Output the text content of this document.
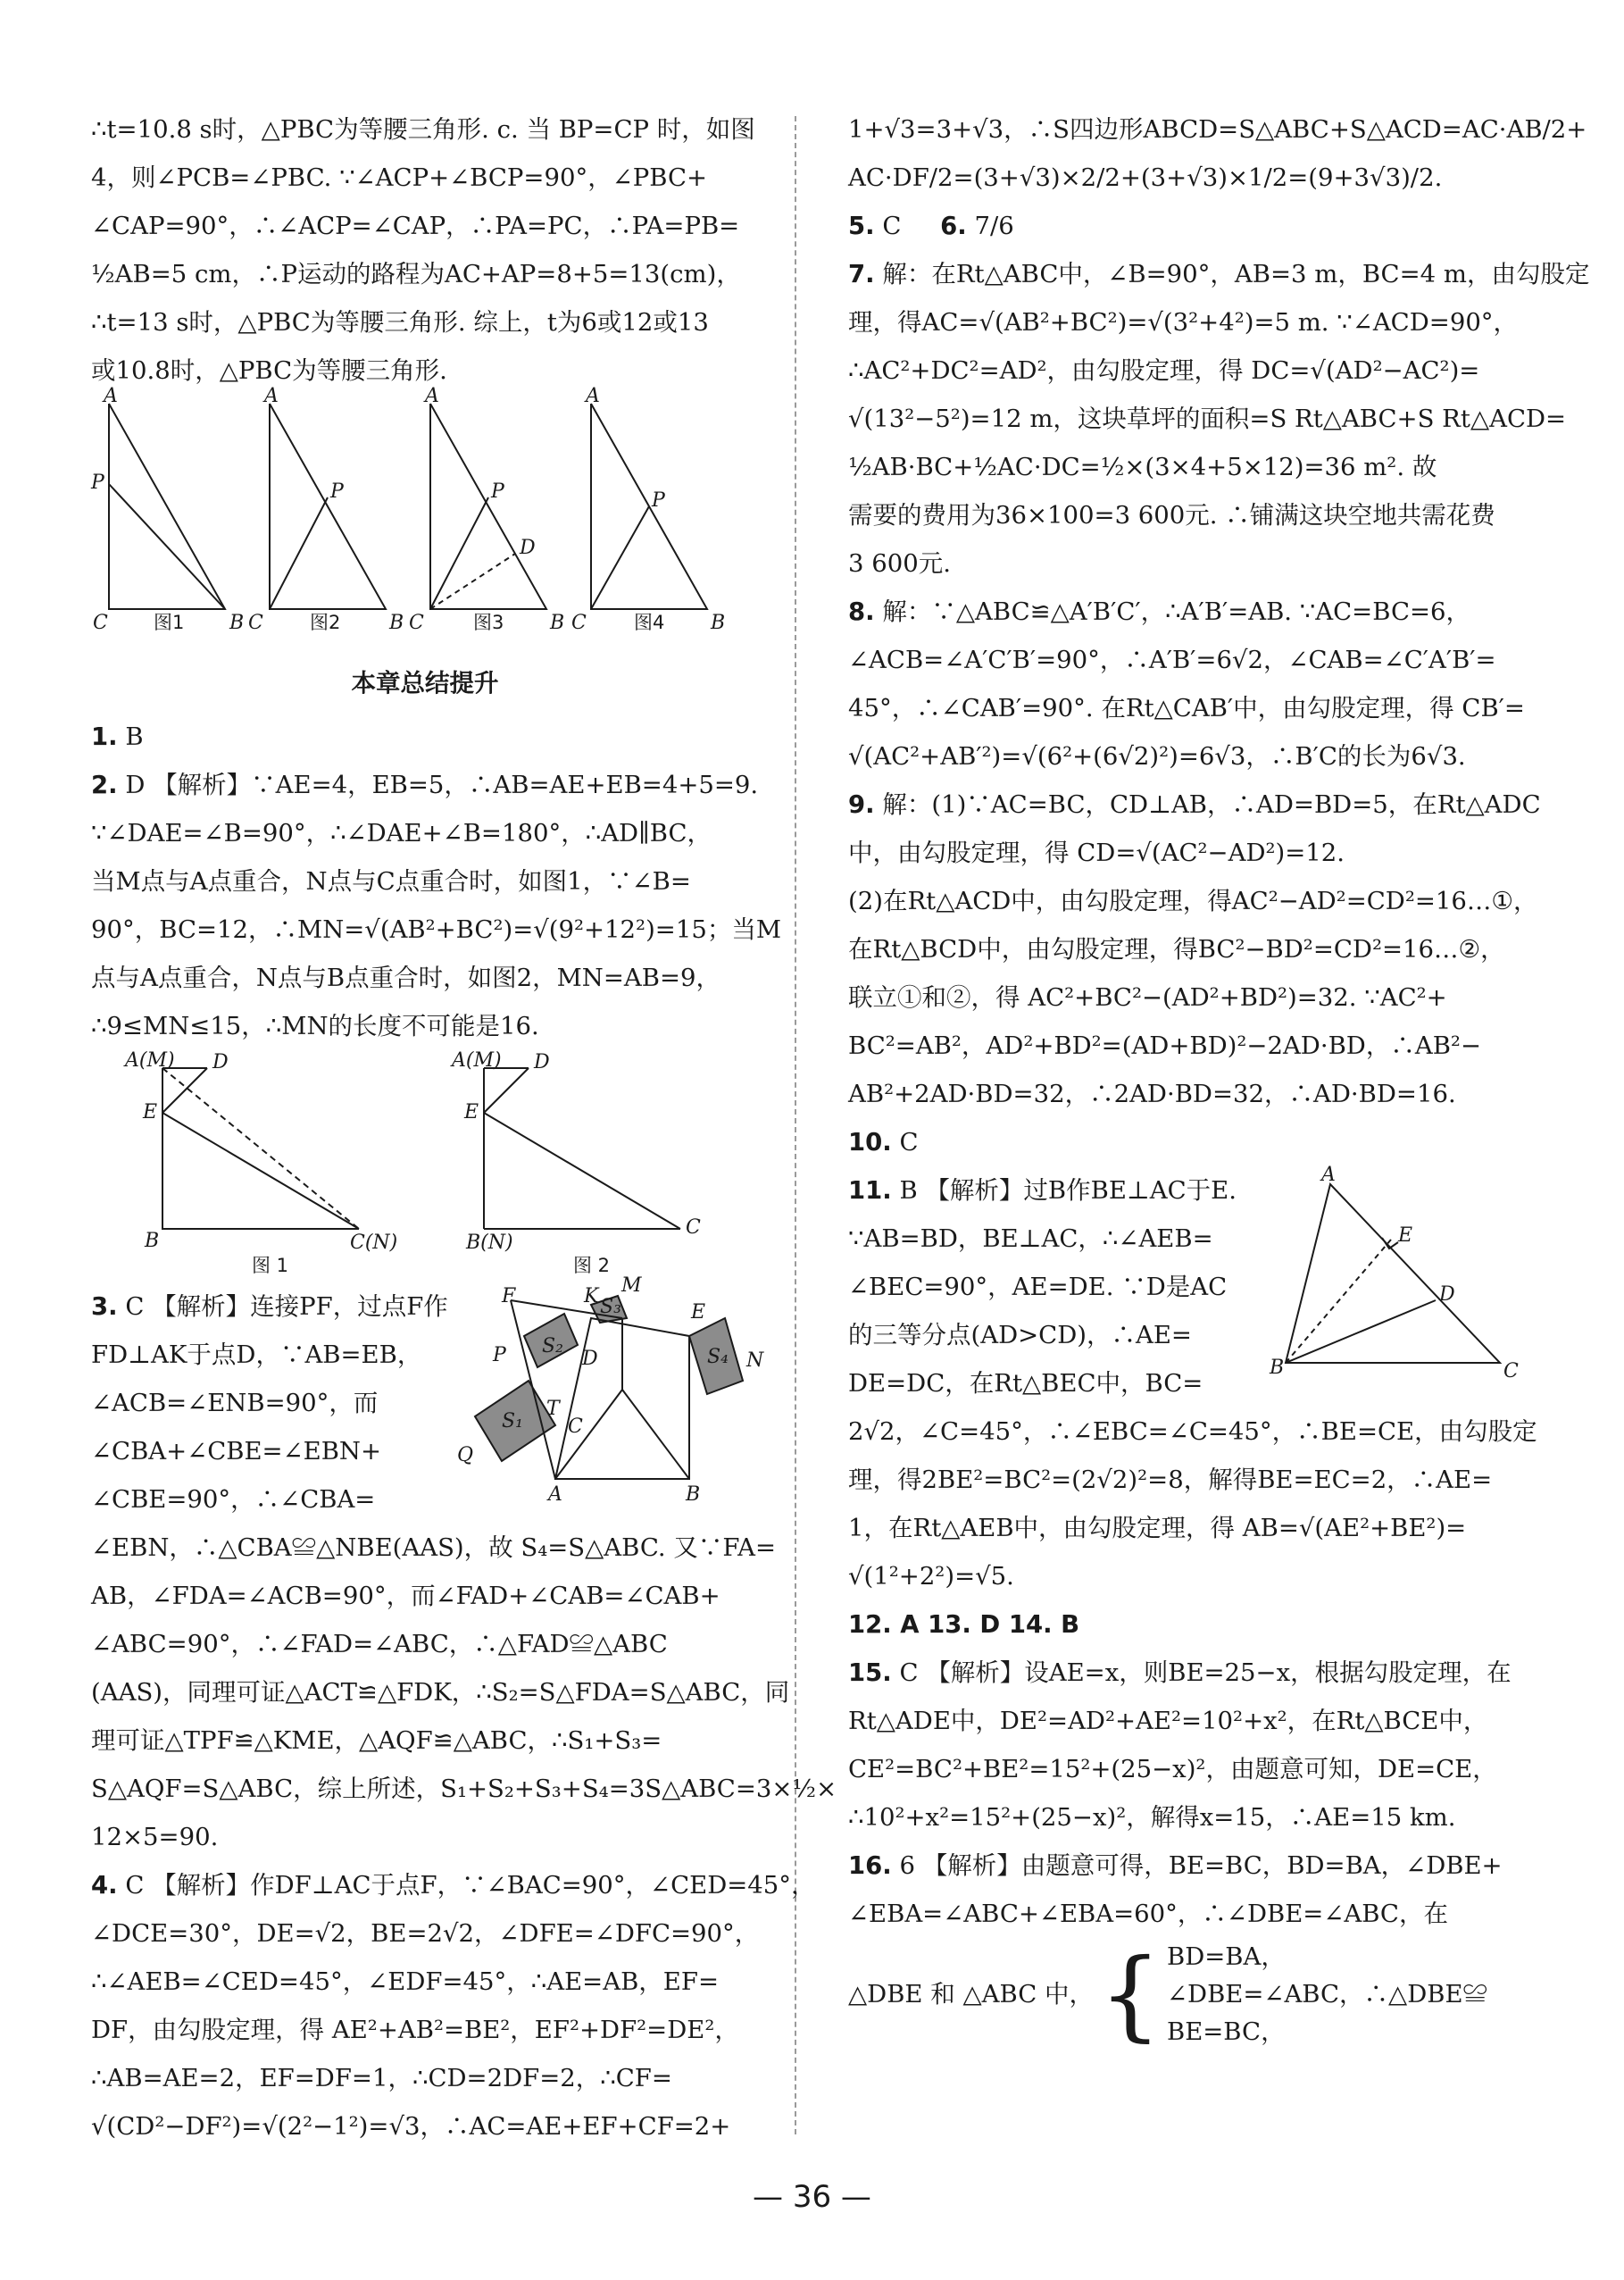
∴t=10.8 s时，△PBC为等腰三角形. c. 当 BP=CP 时，如图
4，则∠PCB=∠PBC. ∵∠ACP+∠BCP=90°，∠PBC+
∠CAP=90°，∴∠ACP=∠CAP，∴PA=PC，∴PA=PB=
½AB=5 cm，∴P运动的路程为AC+AP=8+5=13(cm)，
∴t=13 s时，△PBC为等腰三角形. 综上，t为6或12或13
或10.8时，△PBC为等腰三角形.
A
P
C	B
A
P
C	B
A
P
D
C	B
A
P
C	B
图1	图2	图3	图4
本章总结提升
1. B
2. D 【解析】∵AE=4，EB=5，∴AB=AE+EB=4+5=9.
∵∠DAE=∠B=90°，∴∠DAE+∠B=180°，∴AD∥BC，
当M点与A点重合，N点与C点重合时，如图1，∵∠B=
90°，BC=12，∴MN=√(AB²+BC²)=√(9²+12²)=15；当M
点与A点重合，N点与B点重合时，如图2，MN=AB=9，
∴9≤MN≤15，∴MN的长度不可能是16.
A(M) D
E
B	C(N)
A(M) D
E
B(N)
C
图 1	图 2
3. C 【解析】连接PF，过点F作
FD⊥AK于点D，∵AB=EB，
∠ACB=∠ENB=90°，而
∠CBA+∠CBE=∠EBN+
∠CBE=90°，∴∠CBA=
M
F	K S₃	E
P S₂
D	S₄ N
T
S₁ C
Q
A	B
∠EBN，∴△CBA≌△NBE(AAS)，故 S₄=S△ABC. 又∵FA=
AB，∠FDA=∠ACB=90°，而∠FAD+∠CAB=∠CAB+
∠ABC=90°，∴∠FAD=∠ABC，∴△FAD≌△ABC
(AAS)，同理可证△ACT≌△FDK，∴S₂=S△FDA=S△ABC，同
理可证△TPF≌△KME，△AQF≌△ABC，∴S₁+S₃=
S△AQF=S△ABC，综上所述，S₁+S₂+S₃+S₄=3S△ABC=3×½×
12×5=90.
4. C 【解析】作DF⊥AC于点F，∵∠BAC=90°，∠CED=45°，
∠DCE=30°，DE=√2，BE=2√2，∠DFE=∠DFC=90°，
∴∠AEB=∠CED=45°，∠EDF=45°，∴AE=AB，EF=
DF，由勾股定理，得 AE²+AB²=BE²，EF²+DF²=DE²，
∴AB=AE=2，EF=DF=1，∴CD=2DF=2，∴CF=
√(CD²−DF²)=√(2²−1²)=√3，∴AC=AE+EF+CF=2+
1+√3=3+√3，∴S四边形ABCD=S△ABC+S△ACD=AC·AB/2+
AC·DF/2=(3+√3)×2/2+(3+√3)×1/2=(9+3√3)/2.
5. C 6. 7/6
7. 解：在Rt△ABC中，∠B=90°，AB=3 m，BC=4 m，由勾股定
理，得AC=√(AB²+BC²)=√(3²+4²)=5 m. ∵∠ACD=90°，
∴AC²+DC²=AD²，由勾股定理，得 DC=√(AD²−AC²)=
√(13²−5²)=12 m，这块草坪的面积=S Rt△ABC+S Rt△ACD=
½AB·BC+½AC·DC=½×(3×4+5×12)=36 m². 故
需要的费用为36×100=3 600元. ∴铺满这块空地共需花费
3 600元.
8. 解：∵△ABC≌△A′B′C′，∴A′B′=AB. ∵AC=BC=6，
∠ACB=∠A′C′B′=90°，∴A′B′=6√2，∠CAB=∠C′A′B′=
45°，∴∠CAB′=90°. 在Rt△CAB′中，由勾股定理，得 CB′=
√(AC²+AB′²)=√(6²+(6√2)²)=6√3，∴B′C的长为6√3.
9. 解：(1)∵AC=BC，CD⊥AB，∴AD=BD=5，在Rt△ADC
中，由勾股定理，得 CD=√(AC²−AD²)=12.
(2)在Rt△ACD中，由勾股定理，得AC²−AD²=CD²=16…①，
在Rt△BCD中，由勾股定理，得BC²−BD²=CD²=16…②，
联立①和②，得 AC²+BC²−(AD²+BD²)=32. ∵AC²+
BC²=AB²，AD²+BD²=(AD+BD)²−2AD·BD，∴AB²−
AB²+2AD·BD=32，∴2AD·BD=32，∴AD·BD=16.
10. C
11. B 【解析】过B作BE⊥AC于E.
∵AB=BD，BE⊥AC，∴∠AEB=
∠BEC=90°，AE=DE. ∵D是AC
的三等分点(AD>CD)，∴AE=
DE=DC，在Rt△BEC中，BC=
A
E
D
B	C
2√2，∠C=45°，∴∠EBC=∠C=45°，∴BE=CE，由勾股定
理，得2BE²=BC²=(2√2)²=8，解得BE=EC=2，∴AE=
1，在Rt△AEB中，由勾股定理，得 AB=√(AE²+BE²)=
√(1²+2²)=√5.
12. A 13. D 14. B
15. C 【解析】设AE=x，则BE=25−x，根据勾股定理，在
Rt△ADE中，DE²=AD²+AE²=10²+x²，在Rt△BCE中，
CE²=BC²+BE²=15²+(25−x)²，由题意可知，DE=CE，
∴10²+x²=15²+(25−x)²，解得x=15，∴AE=15 km.
16. 6 【解析】由题意可得，BE=BC，BD=BA，∠DBE+
∠EBA=∠ABC+∠EBA=60°，∴∠DBE=∠ABC，在
△DBE 和 △ABC 中， { BD=BA，
∠DBE=∠ABC，∴△DBE≌
BE=BC，
— 36 —
